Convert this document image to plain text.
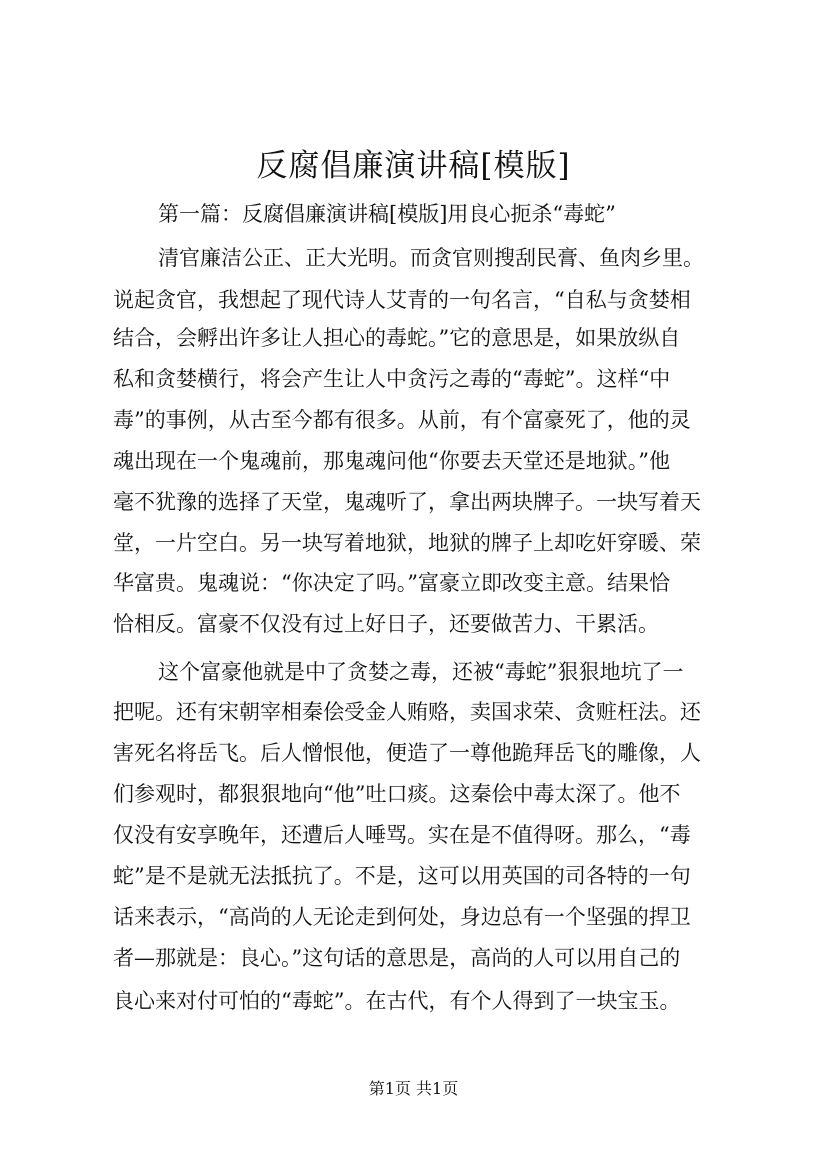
反腐倡廉演讲稿[模版]
第一篇：反腐倡廉演讲稿[模版]用良心扼杀“毒蛇”
清官廉洁公正、正大光明。而贪官则搜刮民膏、鱼肉乡里。
说起贪官，我想起了现代诗人艾青的一句名言，“自私与贪婪相
结合，会孵出许多让人担心的毒蛇。”它的意思是，如果放纵自
私和贪婪横行，将会产生让人中贪污之毒的“毒蛇”。这样“中
毒”的事例，从古至今都有很多。从前，有个富豪死了，他的灵
魂出现在一个鬼魂前，那鬼魂问他“你要去天堂还是地狱。”他
毫不犹豫的选择了天堂，鬼魂听了，拿出两块牌子。一块写着天
堂，一片空白。另一块写着地狱，地狱的牌子上却吃奸穿暖、荣
华富贵。鬼魂说：“你决定了吗。”富豪立即改变主意。结果恰
恰相反。富豪不仅没有过上好日子，还要做苦力、干累活。
这个富豪他就是中了贪婪之毒，还被“毒蛇”狠狠地坑了一
把呢。还有宋朝宰相秦侩受金人贿赂，卖国求荣、贪赃枉法。还
害死名将岳飞。后人憎恨他，便造了一尊他跪拜岳飞的雕像，人
们参观时，都狠狠地向“他”吐口痰。这秦侩中毒太深了。他不
仅没有安享晚年，还遭后人唾骂。实在是不值得呀。那么，“毒
蛇”是不是就无法抵抗了。不是，这可以用英国的司各特的一句
话来表示，“高尚的人无论走到何处，身边总有一个坚强的捍卫
者—那就是：良心。”这句话的意思是，高尚的人可以用自己的
良心来对付可怕的“毒蛇”。在古代，有个人得到了一块宝玉。
第1页 共1页
